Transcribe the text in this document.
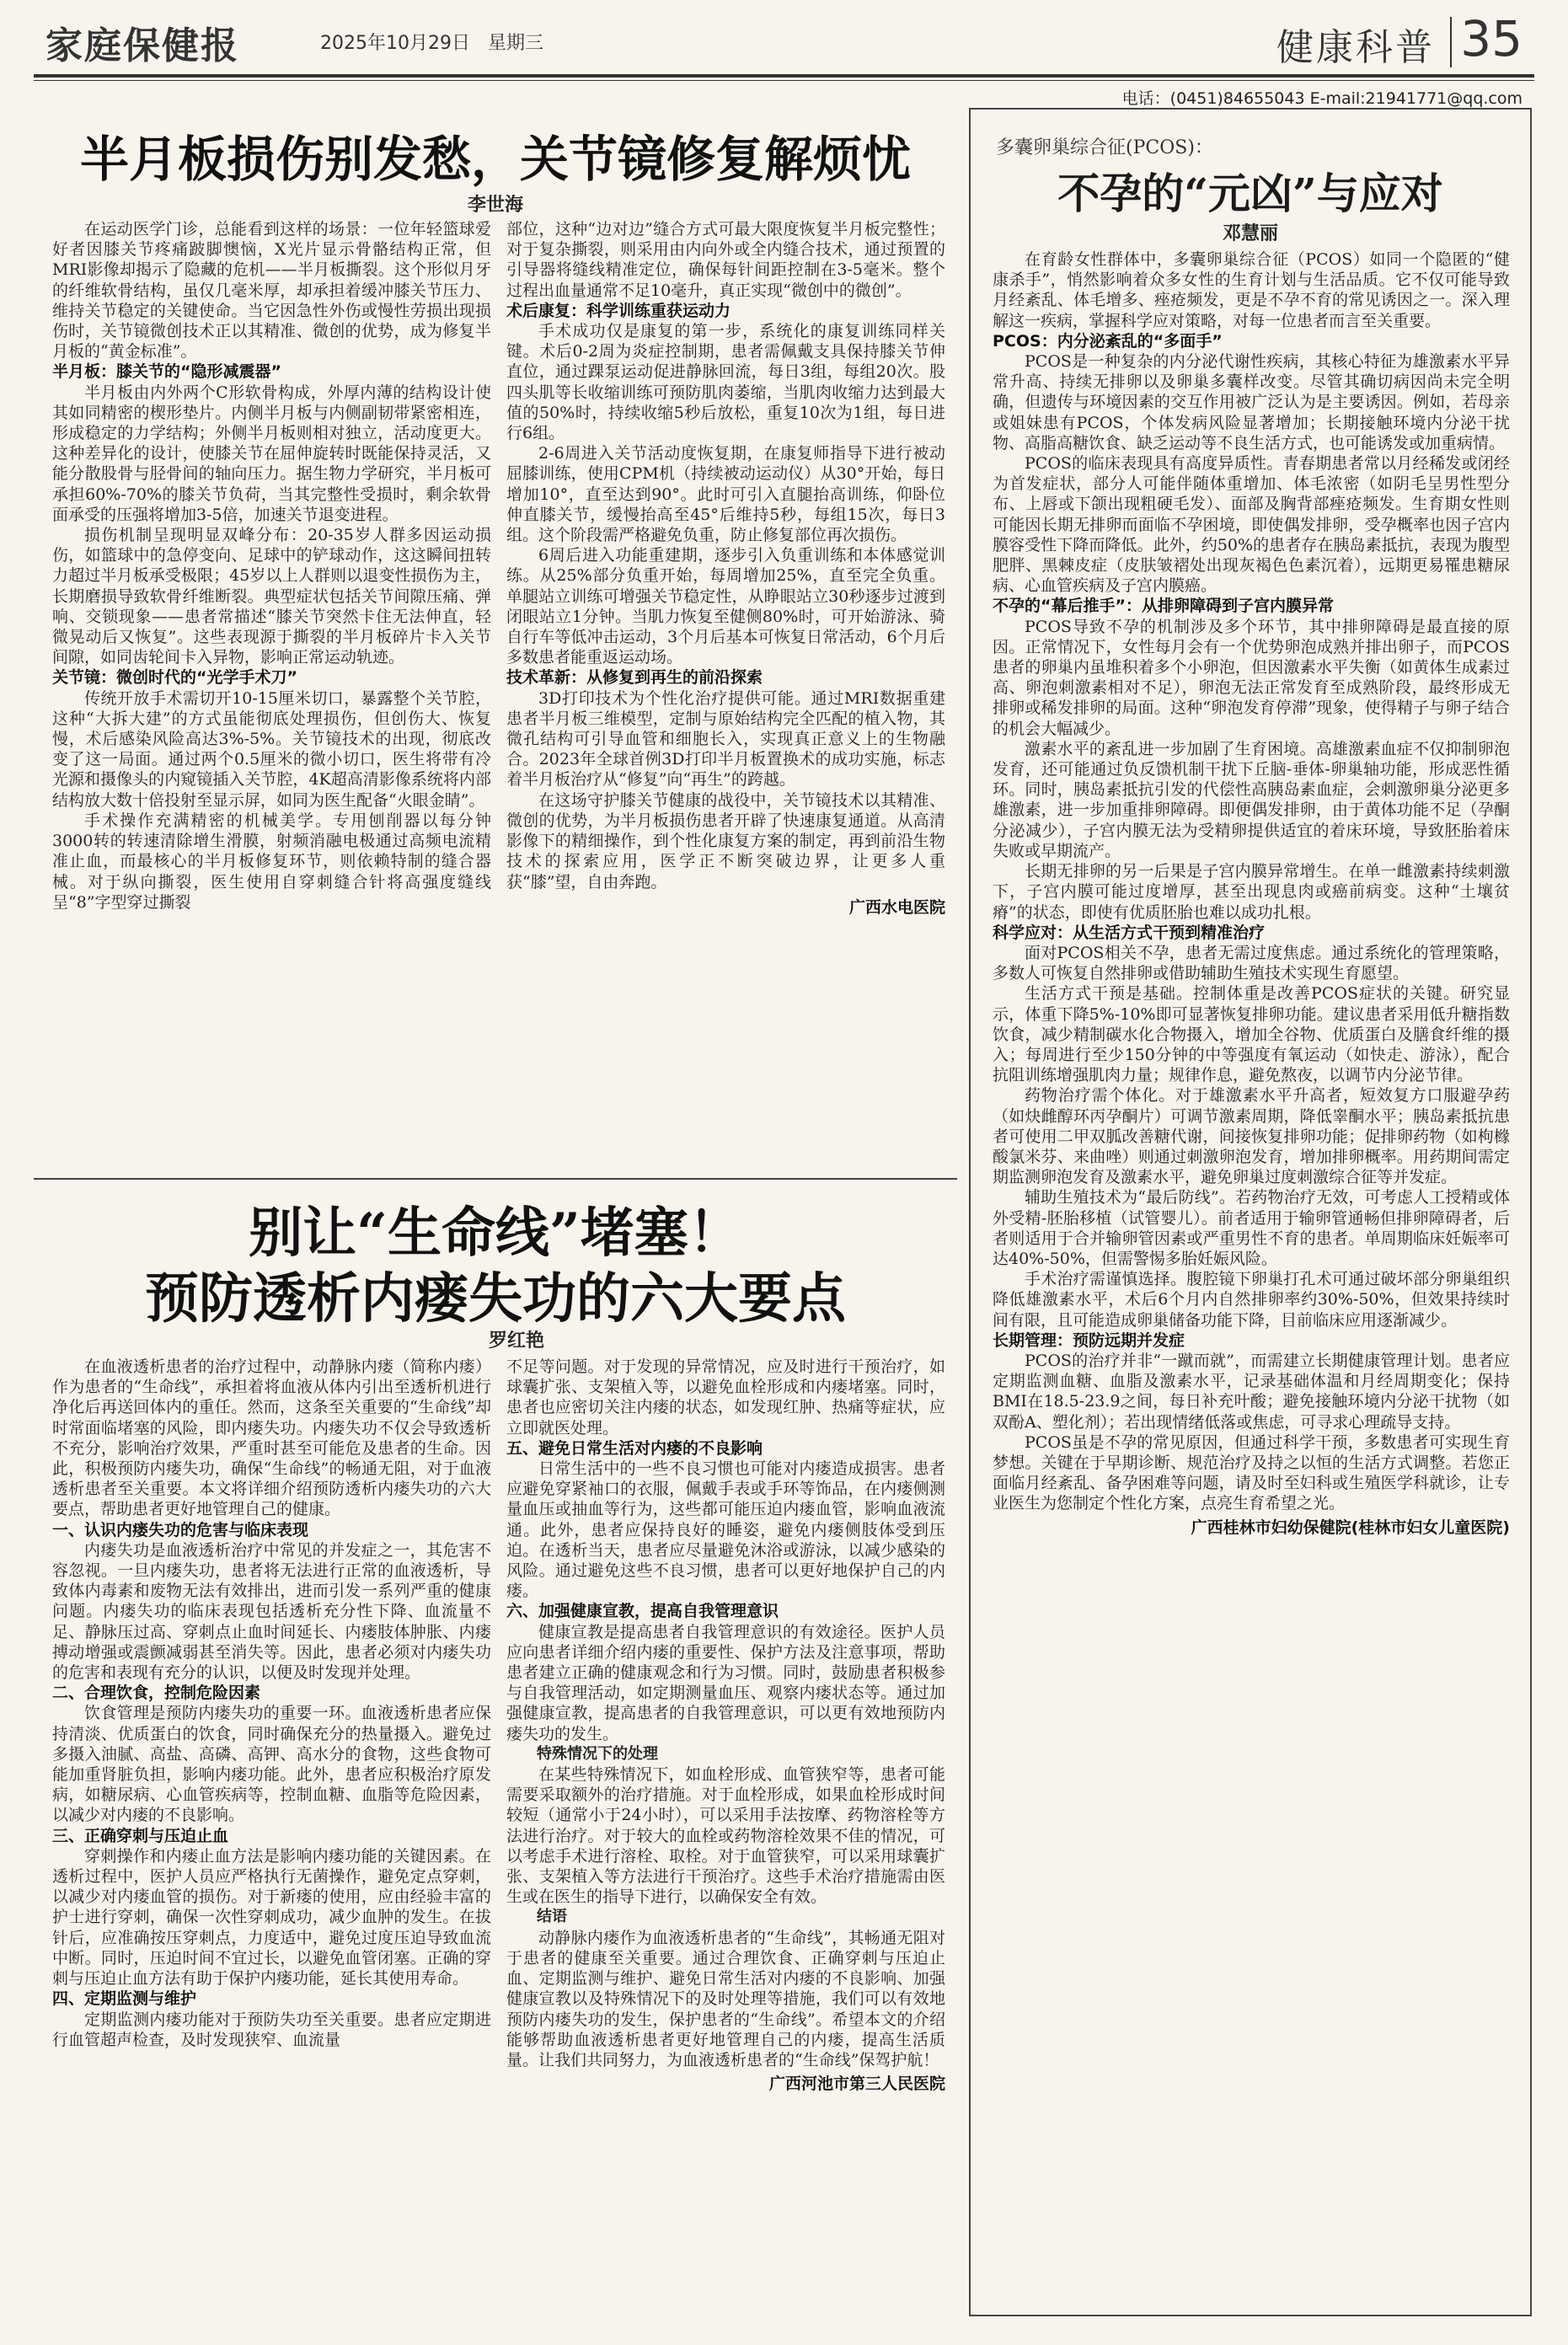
家庭保健报	2025年10月29日 星期三	健康科普 35
电话：(0451)84655043 E-mail:21941771@qq.com
半月板损伤别发愁，关节镜修复解烦忧
李世海

在运动医学门诊，总能看到这样的场景：一位年轻篮球爱好者因膝关节疼痛跛脚懊恼，X光片显示骨骼结构正常，但MRI影像却揭示了隐藏的危机——半月板撕裂。这个形似月牙的纤维软骨结构，虽仅几毫米厚，却承担着缓冲膝关节压力、维持关节稳定的关键使命。当它因急性外伤或慢性劳损出现损伤时，关节镜微创技术正以其精准、微创的优势，成为修复半月板的“黄金标准”。

半月板：膝关节的“隐形减震器”

半月板由内外两个C形软骨构成，外厚内薄的结构设计使其如同精密的楔形垫片。内侧半月板与内侧副韧带紧密相连，形成稳定的力学结构；外侧半月板则相对独立，活动度更大。这种差异化的设计，使膝关节在屈伸旋转时既能保持灵活，又能分散股骨与胫骨间的轴向压力。据生物力学研究，半月板可承担60%-70%的膝关节负荷，当其完整性受损时，剩余软骨面承受的压强将增加3-5倍，加速关节退变进程。

损伤机制呈现明显双峰分布：20-35岁人群多因运动损伤，如篮球中的急停变向、足球中的铲球动作，这这瞬间扭转力超过半月板承受极限；45岁以上人群则以退变性损伤为主，长期磨损导致软骨纤维断裂。典型症状包括关节间隙压痛、弹响、交锁现象——患者常描述“膝关节突然卡住无法伸直，轻微晃动后又恢复”。这些表现源于撕裂的半月板碎片卡入关节间隙，如同齿轮间卡入异物，影响正常运动轨迹。

关节镜：微创时代的“光学手术刀”

传统开放手术需切开10-15厘米切口，暴露整个关节腔，这种“大拆大建”的方式虽能彻底处理损伤，但创伤大、恢复慢，术后感染风险高达3%-5%。关节镜技术的出现，彻底改变了这一局面。通过两个0.5厘米的微小切口，医生将带有冷光源和摄像头的内窥镜插入关节腔，4K超高清影像系统将内部结构放大数十倍投射至显示屏，如同为医生配备“火眼金睛”。

手术操作充满精密的机械美学。专用刨削器以每分钟3000转的转速清除增生滑膜，射频消融电极通过高频电流精准止血，而最核心的半月板修复环节，则依赖特制的缝合器械。对于纵向撕裂，医生使用自穿刺缝合针将高强度缝线呈“8”字型穿过撕裂

部位，这种“边对边”缝合方式可最大限度恢复半月板完整性；对于复杂撕裂，则采用由内向外或全内缝合技术，通过预置的引导器将缝线精准定位，确保每针间距控制在3-5毫米。整个过程出血量通常不足10毫升，真正实现“微创中的微创”。

术后康复：科学训练重获运动力

手术成功仅是康复的第一步，系统化的康复训练同样关键。术后0-2周为炎症控制期，患者需佩戴支具保持膝关节伸直位，通过踝泵运动促进静脉回流，每日3组，每组20次。股四头肌等长收缩训练可预防肌肉萎缩，当肌肉收缩力达到最大值的50%时，持续收缩5秒后放松，重复10次为1组，每日进行6组。

2-6周进入关节活动度恢复期，在康复师指导下进行被动屈膝训练，使用CPM机（持续被动运动仪）从30°开始，每日增加10°，直至达到90°。此时可引入直腿抬高训练，仰卧位伸直膝关节，缓慢抬高至45°后维持5秒，每组15次，每日3组。这个阶段需严格避免负重，防止修复部位再次损伤。

6周后进入功能重建期，逐步引入负重训练和本体感觉训练。从25%部分负重开始，每周增加25%，直至完全负重。单腿站立训练可增强关节稳定性，从睁眼站立30秒逐步过渡到闭眼站立1分钟。当肌力恢复至健侧80%时，可开始游泳、骑自行车等低冲击运动，3个月后基本可恢复日常活动，6个月后多数患者能重返运动场。

技术革新：从修复到再生的前沿探索

3D打印技术为个性化治疗提供可能。通过MRI数据重建患者半月板三维模型，定制与原始结构完全匹配的植入物，其微孔结构可引导血管和细胞长入，实现真正意义上的生物融合。2023年全球首例3D打印半月板置换术的成功实施，标志着半月板治疗从“修复”向“再生”的跨越。

在这场守护膝关节健康的战役中，关节镜技术以其精准、微创的优势，为半月板损伤患者开辟了快速康复通道。从高清影像下的精细操作，到个性化康复方案的制定，再到前沿生物技术的探索应用，医学正不断突破边界，让更多人重获“膝”望，自由奔跑。

广西水电医院
别让“生命线”堵塞！
预防透析内瘘失功的六大要点
罗红艳

在血液透析患者的治疗过程中，动静脉内瘘（简称内瘘）作为患者的“生命线”，承担着将血液从体内引出至透析机进行净化后再送回体内的重任。然而，这条至关重要的“生命线”却时常面临堵塞的风险，即内瘘失功。内瘘失功不仅会导致透析不充分，影响治疗效果，严重时甚至可能危及患者的生命。因此，积极预防内瘘失功，确保“生命线”的畅通无阻，对于血液透析患者至关重要。本文将详细介绍预防透析内瘘失功的六大要点，帮助患者更好地管理自己的健康。

一、认识内瘘失功的危害与临床表现

内瘘失功是血液透析治疗中常见的并发症之一，其危害不容忽视。一旦内瘘失功，患者将无法进行正常的血液透析，导致体内毒素和废物无法有效排出，进而引发一系列严重的健康问题。内瘘失功的临床表现包括透析充分性下降、血流量不足、静脉压过高、穿刺点止血时间延长、内瘘肢体肿胀、内瘘搏动增强或震颤减弱甚至消失等。因此，患者必须对内瘘失功的危害和表现有充分的认识，以便及时发现并处理。

二、合理饮食，控制危险因素

饮食管理是预防内瘘失功的重要一环。血液透析患者应保持清淡、优质蛋白的饮食，同时确保充分的热量摄入。避免过多摄入油腻、高盐、高磷、高钾、高水分的食物，这些食物可能加重肾脏负担，影响内瘘功能。此外，患者应积极治疗原发病，如糖尿病、心血管疾病等，控制血糖、血脂等危险因素，以减少对内瘘的不良影响。

三、正确穿刺与压迫止血

穿刺操作和内瘘止血方法是影响内瘘功能的关键因素。在透析过程中，医护人员应严格执行无菌操作，避免定点穿刺，以减少对内瘘血管的损伤。对于新瘘的使用，应由经验丰富的护士进行穿刺，确保一次性穿刺成功，减少血肿的发生。在拔针后，应准确按压穿刺点，力度适中，避免过度压迫导致血流中断。同时，压迫时间不宜过长，以避免血管闭塞。正确的穿刺与压迫止血方法有助于保护内瘘功能，延长其使用寿命。

四、定期监测与维护

定期监测内瘘功能对于预防失功至关重要。患者应定期进行血管超声检查，及时发现狭窄、血流量

不足等问题。对于发现的异常情况，应及时进行干预治疗，如球囊扩张、支架植入等，以避免血栓形成和内瘘堵塞。同时，患者也应密切关注内瘘的状态，如发现红肿、热痛等症状，应立即就医处理。

五、避免日常生活对内瘘的不良影响

日常生活中的一些不良习惯也可能对内瘘造成损害。患者应避免穿紧袖口的衣服，佩戴手表或手环等饰品，在内瘘侧测量血压或抽血等行为，这些都可能压迫内瘘血管，影响血液流通。此外，患者应保持良好的睡姿，避免内瘘侧肢体受到压迫。在透析当天，患者应尽量避免沐浴或游泳，以减少感染的风险。通过避免这些不良习惯，患者可以更好地保护自己的内瘘。

六、加强健康宣教，提高自我管理意识

健康宣教是提高患者自我管理意识的有效途径。医护人员应向患者详细介绍内瘘的重要性、保护方法及注意事项，帮助患者建立正确的健康观念和行为习惯。同时，鼓励患者积极参与自我管理活动，如定期测量血压、观察内瘘状态等。通过加强健康宣教，提高患者的自我管理意识，可以更有效地预防内瘘失功的发生。

特殊情况下的处理

在某些特殊情况下，如血栓形成、血管狭窄等，患者可能需要采取额外的治疗措施。对于血栓形成，如果血栓形成时间较短（通常小于24小时），可以采用手法按摩、药物溶栓等方法进行治疗。对于较大的血栓或药物溶栓效果不佳的情况，可以考虑手术进行溶栓、取栓。对于血管狭窄，可以采用球囊扩张、支架植入等方法进行干预治疗。这些手术治疗措施需由医生或在医生的指导下进行，以确保安全有效。

结语

动静脉内瘘作为血液透析患者的“生命线”，其畅通无阻对于患者的健康至关重要。通过合理饮食、正确穿刺与压迫止血、定期监测与维护、避免日常生活对内瘘的不良影响、加强健康宣教以及特殊情况下的及时处理等措施，我们可以有效地预防内瘘失功的发生，保护患者的“生命线”。希望本文的介绍能够帮助血液透析患者更好地管理自己的内瘘，提高生活质量。让我们共同努力，为血液透析患者的“生命线”保驾护航！

广西河池市第三人民医院
多囊卵巢综合征(PCOS)：
不孕的“元凶”与应对
邓慧丽

在育龄女性群体中，多囊卵巢综合征（PCOS）如同一个隐匿的“健康杀手”，悄然影响着众多女性的生育计划与生活品质。它不仅可能导致月经紊乱、体毛增多、痤疮频发，更是不孕不育的常见诱因之一。深入理解这一疾病，掌握科学应对策略，对每一位患者而言至关重要。

PCOS：内分泌紊乱的“多面手”

PCOS是一种复杂的内分泌代谢性疾病，其核心特征为雄激素水平异常升高、持续无排卵以及卵巢多囊样改变。尽管其确切病因尚未完全明确，但遗传与环境因素的交互作用被广泛认为是主要诱因。例如，若母亲或姐妹患有PCOS，个体发病风险显著增加；长期接触环境内分泌干扰物、高脂高糖饮食、缺乏运动等不良生活方式，也可能诱发或加重病情。

PCOS的临床表现具有高度异质性。青春期患者常以月经稀发或闭经为首发症状，部分人可能伴随体重增加、体毛浓密（如阴毛呈男性型分布、上唇或下颌出现粗硬毛发）、面部及胸背部痤疮频发。生育期女性则可能因长期无排卵而面临不孕困境，即使偶发排卵，受孕概率也因子宫内膜容受性下降而降低。此外，约50%的患者存在胰岛素抵抗，表现为腹型肥胖、黑棘皮症（皮肤皱褶处出现灰褐色色素沉着），远期更易罹患糖尿病、心血管疾病及子宫内膜癌。

不孕的“幕后推手”：从排卵障碍到子宫内膜异常

PCOS导致不孕的机制涉及多个环节，其中排卵障碍是最直接的原因。正常情况下，女性每月会有一个优势卵泡成熟并排出卵子，而PCOS患者的卵巢内虽堆积着多个小卵泡，但因激素水平失衡（如黄体生成素过高、卵泡刺激素相对不足），卵泡无法正常发育至成熟阶段，最终形成无排卵或稀发排卵的局面。这种“卵泡发育停滞”现象，使得精子与卵子结合的机会大幅减少。

激素水平的紊乱进一步加剧了生育困境。高雄激素血症不仅抑制卵泡发育，还可能通过负反馈机制干扰下丘脑-垂体-卵巢轴功能，形成恶性循环。同时，胰岛素抵抗引发的代偿性高胰岛素血症，会刺激卵巢分泌更多雄激素，进一步加重排卵障碍。即便偶发排卵，由于黄体功能不足（孕酮分泌减少），子宫内膜无法为受精卵提供适宜的着床环境，导致胚胎着床失败或早期流产。

长期无排卵的另一后果是子宫内膜异常增生。在单一雌激素持续刺激下，子宫内膜可能过度增厚，甚至出现息肉或癌前病变。这种“土壤贫瘠”的状态，即使有优质胚胎也难以成功扎根。

科学应对：从生活方式干预到精准治疗

面对PCOS相关不孕，患者无需过度焦虑。通过系统化的管理策略，多数人可恢复自然排卵或借助辅助生殖技术实现生育愿望。

生活方式干预是基础。控制体重是改善PCOS症状的关键。研究显示，体重下降5%-10%即可显著恢复排卵功能。建议患者采用低升糖指数饮食，减少精制碳水化合物摄入，增加全谷物、优质蛋白及膳食纤维的摄入；每周进行至少150分钟的中等强度有氧运动（如快走、游泳），配合抗阻训练增强肌肉力量；规律作息，避免熬夜，以调节内分泌节律。

药物治疗需个体化。对于雄激素水平升高者，短效复方口服避孕药（如炔雌醇环丙孕酮片）可调节激素周期，降低睾酮水平；胰岛素抵抗患者可使用二甲双胍改善糖代谢，间接恢复排卵功能；促排卵药物（如枸橼酸氯米芬、来曲唑）则通过刺激卵泡发育，增加排卵概率。用药期间需定期监测卵泡发育及激素水平，避免卵巢过度刺激综合征等并发症。

辅助生殖技术为“最后防线”。若药物治疗无效，可考虑人工授精或体外受精-胚胎移植（试管婴儿）。前者适用于输卵管通畅但排卵障碍者，后者则适用于合并输卵管因素或严重男性不育的患者。单周期临床妊娠率可达40%-50%，但需警惕多胎妊娠风险。

手术治疗需谨慎选择。腹腔镜下卵巢打孔术可通过破坏部分卵巢组织降低雄激素水平，术后6个月内自然排卵率约30%-50%，但效果持续时间有限，且可能造成卵巢储备功能下降，目前临床应用逐渐减少。

长期管理：预防远期并发症

PCOS的治疗并非“一蹴而就”，而需建立长期健康管理计划。患者应定期监测血糖、血脂及激素水平，记录基础体温和月经周期变化；保持BMI在18.5-23.9之间，每日补充叶酸；避免接触环境内分泌干扰物（如双酚A、塑化剂）；若出现情绪低落或焦虑，可寻求心理疏导支持。

PCOS虽是不孕的常见原因，但通过科学干预，多数患者可实现生育梦想。关键在于早期诊断、规范治疗及持之以恒的生活方式调整。若您正面临月经紊乱、备孕困难等问题，请及时至妇科或生殖医学科就诊，让专业医生为您制定个性化方案，点亮生育希望之光。

广西桂林市妇幼保健院(桂林市妇女儿童医院)
